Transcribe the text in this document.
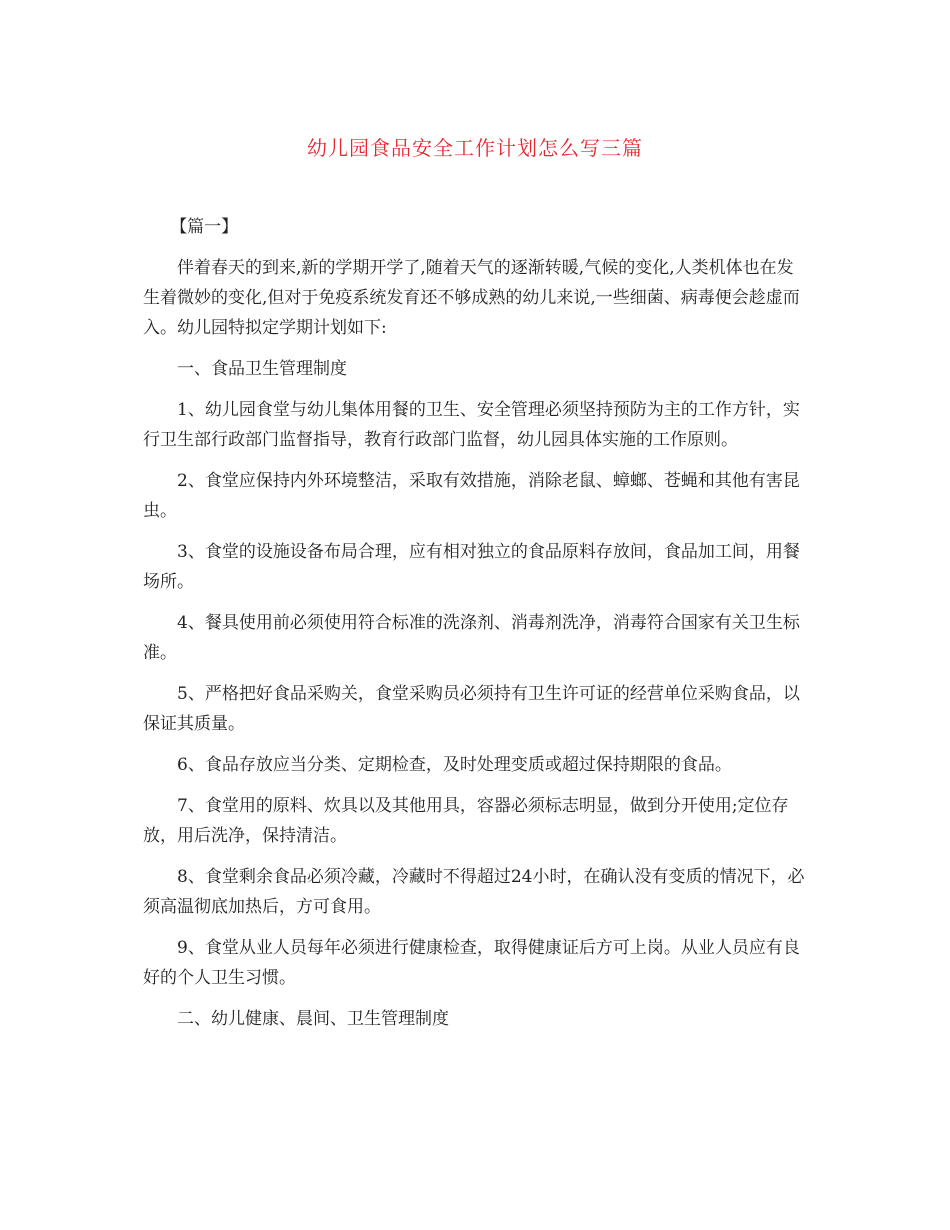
幼儿园食品安全工作计划怎么写三篇

【篇一】

伴着春天的到来,新的学期开学了,随着天气的逐渐转暖,气候的变化,人类机体也在发生着微妙的变化,但对于免疫系统发育还不够成熟的幼儿来说,一些细菌、病毒便会趁虚而入。幼儿园特拟定学期计划如下:

一、食品卫生管理制度

1、幼儿园食堂与幼儿集体用餐的卫生、安全管理必须坚持预防为主的工作方针，实行卫生部行政部门监督指导，教育行政部门监督，幼儿园具体实施的工作原则。

2、食堂应保持内外环境整洁，采取有效措施，消除老鼠、蟑螂、苍蝇和其他有害昆虫。

3、食堂的设施设备布局合理，应有相对独立的食品原料存放间，食品加工间，用餐场所。

4、餐具使用前必须使用符合标准的洗涤剂、消毒剂洗净，消毒符合国家有关卫生标准。

5、严格把好食品采购关，食堂采购员必须持有卫生许可证的经营单位采购食品，以保证其质量。

6、食品存放应当分类、定期检查，及时处理变质或超过保持期限的食品。

7、食堂用的原料、炊具以及其他用具，容器必须标志明显，做到分开使用;定位存放，用后洗净，保持清洁。

8、食堂剩余食品必须冷藏，冷藏时不得超过24小时，在确认没有变质的情况下，必须高温彻底加热后，方可食用。

9、食堂从业人员每年必须进行健康检查，取得健康证后方可上岗。从业人员应有良好的个人卫生习惯。

二、幼儿健康、晨间、卫生管理制度
